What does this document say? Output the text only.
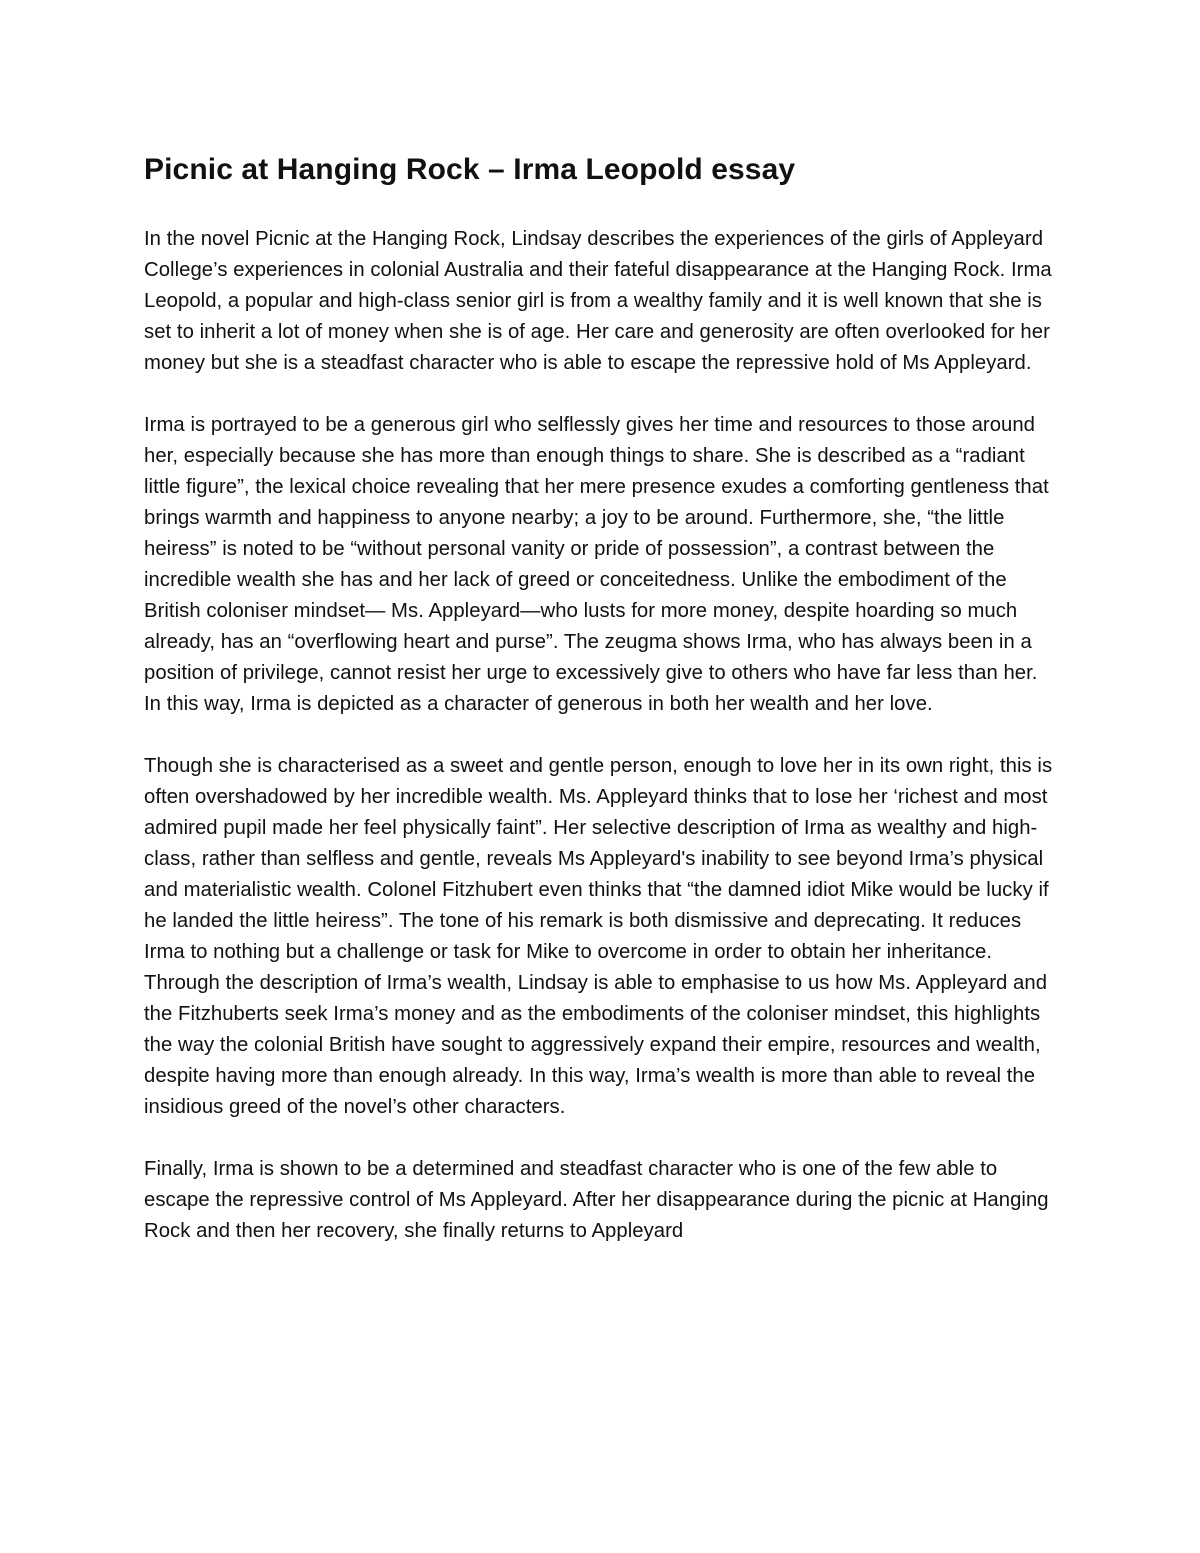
Picnic at Hanging Rock – Irma Leopold essay

In the novel Picnic at the Hanging Rock, Lindsay describes the experiences of the girls of Appleyard College’s experiences in colonial Australia and their fateful disappearance at the Hanging Rock. Irma Leopold, a popular and high-class senior girl is from a wealthy family and it is well known that she is set to inherit a lot of money when she is of age. Her care and generosity are often overlooked for her money but she is a steadfast character who is able to escape the repressive hold of Ms Appleyard.

Irma is portrayed to be a generous girl who selflessly gives her time and resources to those around her, especially because she has more than enough things to share. She is described as a “radiant little figure”, the lexical choice revealing that her mere presence exudes a comforting gentleness that brings warmth and happiness to anyone nearby; a joy to be around. Furthermore, she, “the little heiress” is noted to be “without personal vanity or pride of possession”, a contrast between the incredible wealth she has and her lack of greed or conceitedness. Unlike the embodiment of the British coloniser mindset— Ms. Appleyard—who lusts for more money, despite hoarding so much already, has an “overflowing heart and purse”. The zeugma shows Irma, who has always been in a position of privilege, cannot resist her urge to excessively give to others who have far less than her. In this way, Irma is depicted as a character of generous in both her wealth and her love.

Though she is characterised as a sweet and gentle person, enough to love her in its own right, this is often overshadowed by her incredible wealth. Ms. Appleyard thinks that to lose her ‘richest and most admired pupil made her feel physically faint”. Her selective description of Irma as wealthy and high-class, rather than selfless and gentle, reveals Ms Appleyard's inability to see beyond Irma’s physical and materialistic wealth. Colonel Fitzhubert even thinks that “the damned idiot Mike would be lucky if he landed the little heiress”. The tone of his remark is both dismissive and deprecating. It reduces Irma to nothing but a challenge or task for Mike to overcome in order to obtain her inheritance. Through the description of Irma’s wealth, Lindsay is able to emphasise to us how Ms. Appleyard and the Fitzhuberts seek Irma’s money and as the embodiments of the coloniser mindset, this highlights the way the colonial British have sought to aggressively expand their empire, resources and wealth, despite having more than enough already. In this way, Irma’s wealth is more than able to reveal the insidious greed of the novel’s other characters.

Finally, Irma is shown to be a determined and steadfast character who is one of the few able to escape the repressive control of Ms Appleyard. After her disappearance during the picnic at Hanging Rock and then her recovery, she finally returns to Appleyard
